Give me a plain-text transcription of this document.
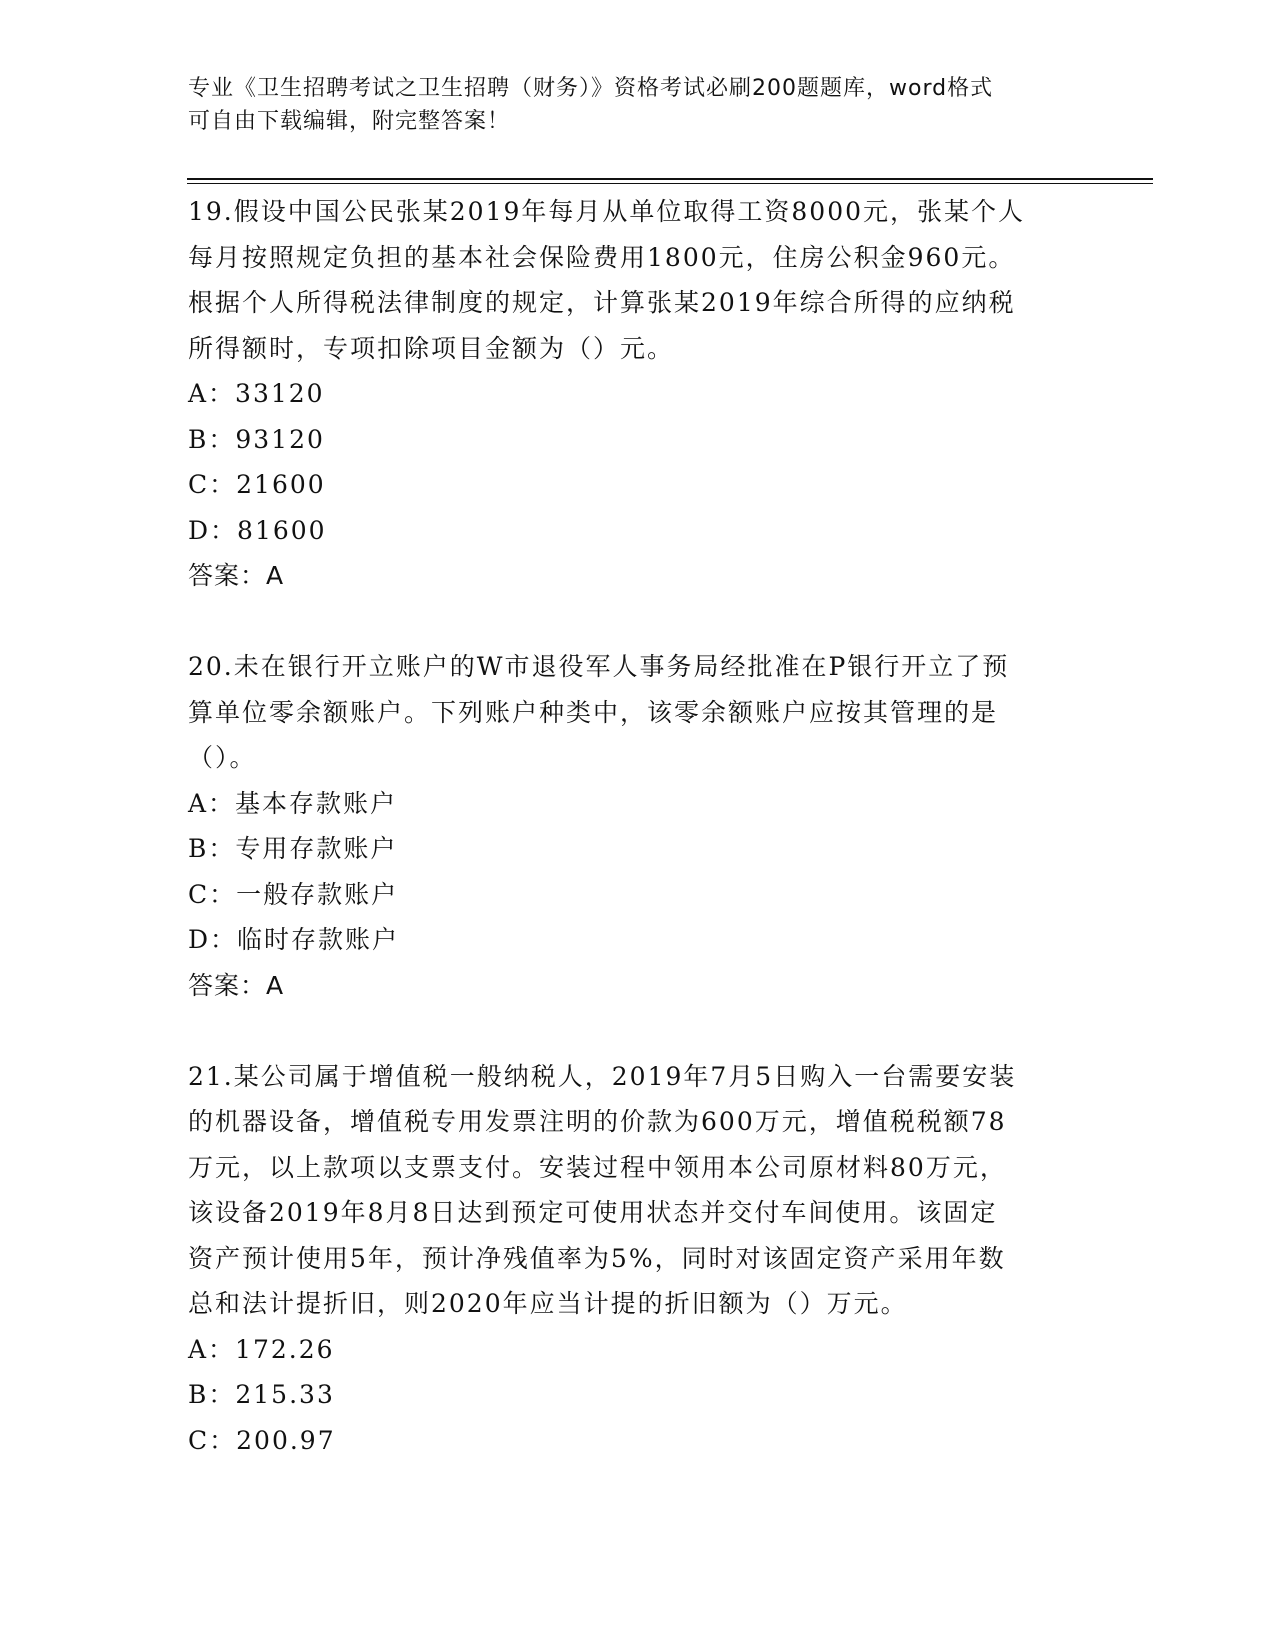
专业《卫生招聘考试之卫生招聘（财务）》资格考试必刷200题题库，word格式
可自由下载编辑，附完整答案！
19.假设中国公民张某2019年每月从单位取得工资8000元，张某个人
每月按照规定负担的基本社会保险费用1800元，住房公积金960元。
根据个人所得税法律制度的规定，计算张某2019年综合所得的应纳税
所得额时，专项扣除项目金额为（）元。
A：33120
B：93120
C：21600
D：81600
答案：A
20.未在银行开立账户的W市退役军人事务局经批准在P银行开立了预
算单位零余额账户。下列账户种类中，该零余额账户应按其管理的是
（）。
A：基本存款账户
B：专用存款账户
C：一般存款账户
D：临时存款账户
答案：A
21.某公司属于增值税一般纳税人，2019年7月5日购入一台需要安装
的机器设备，增值税专用发票注明的价款为600万元，增值税税额78
万元，以上款项以支票支付。安装过程中领用本公司原材料80万元，
该设备2019年8月8日达到预定可使用状态并交付车间使用。该固定
资产预计使用5年，预计净残值率为5%，同时对该固定资产采用年数
总和法计提折旧，则2020年应当计提的折旧额为（）万元。
A：172.26
B：215.33
C：200.97
